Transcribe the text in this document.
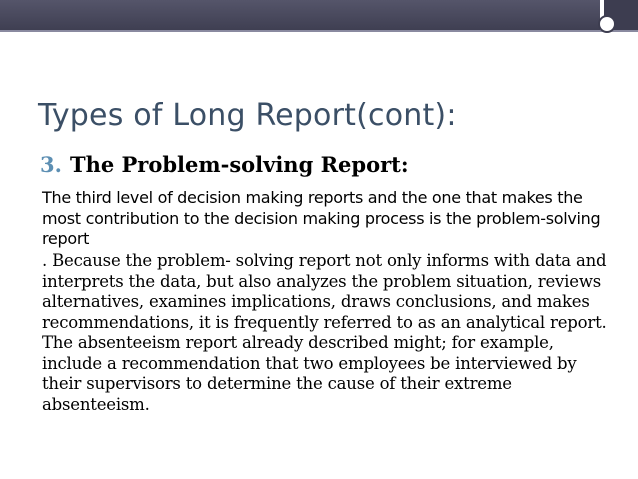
Types of Long Report(cont):
3. The Problem-solving Report:

The third level of decision making reports and the one that makes the most contribution to the decision making process is the problem-solving report

. Because the problem- solving report not only informs with data and interprets the data, but also analyzes the problem situation, reviews alternatives, examines implications, draws conclusions, and makes recommendations, it is frequently referred to as an analytical report. The absenteeism report already described might; for example, include a recommendation that two employees be interviewed by their supervisors to determine the cause of their extreme absenteeism.
